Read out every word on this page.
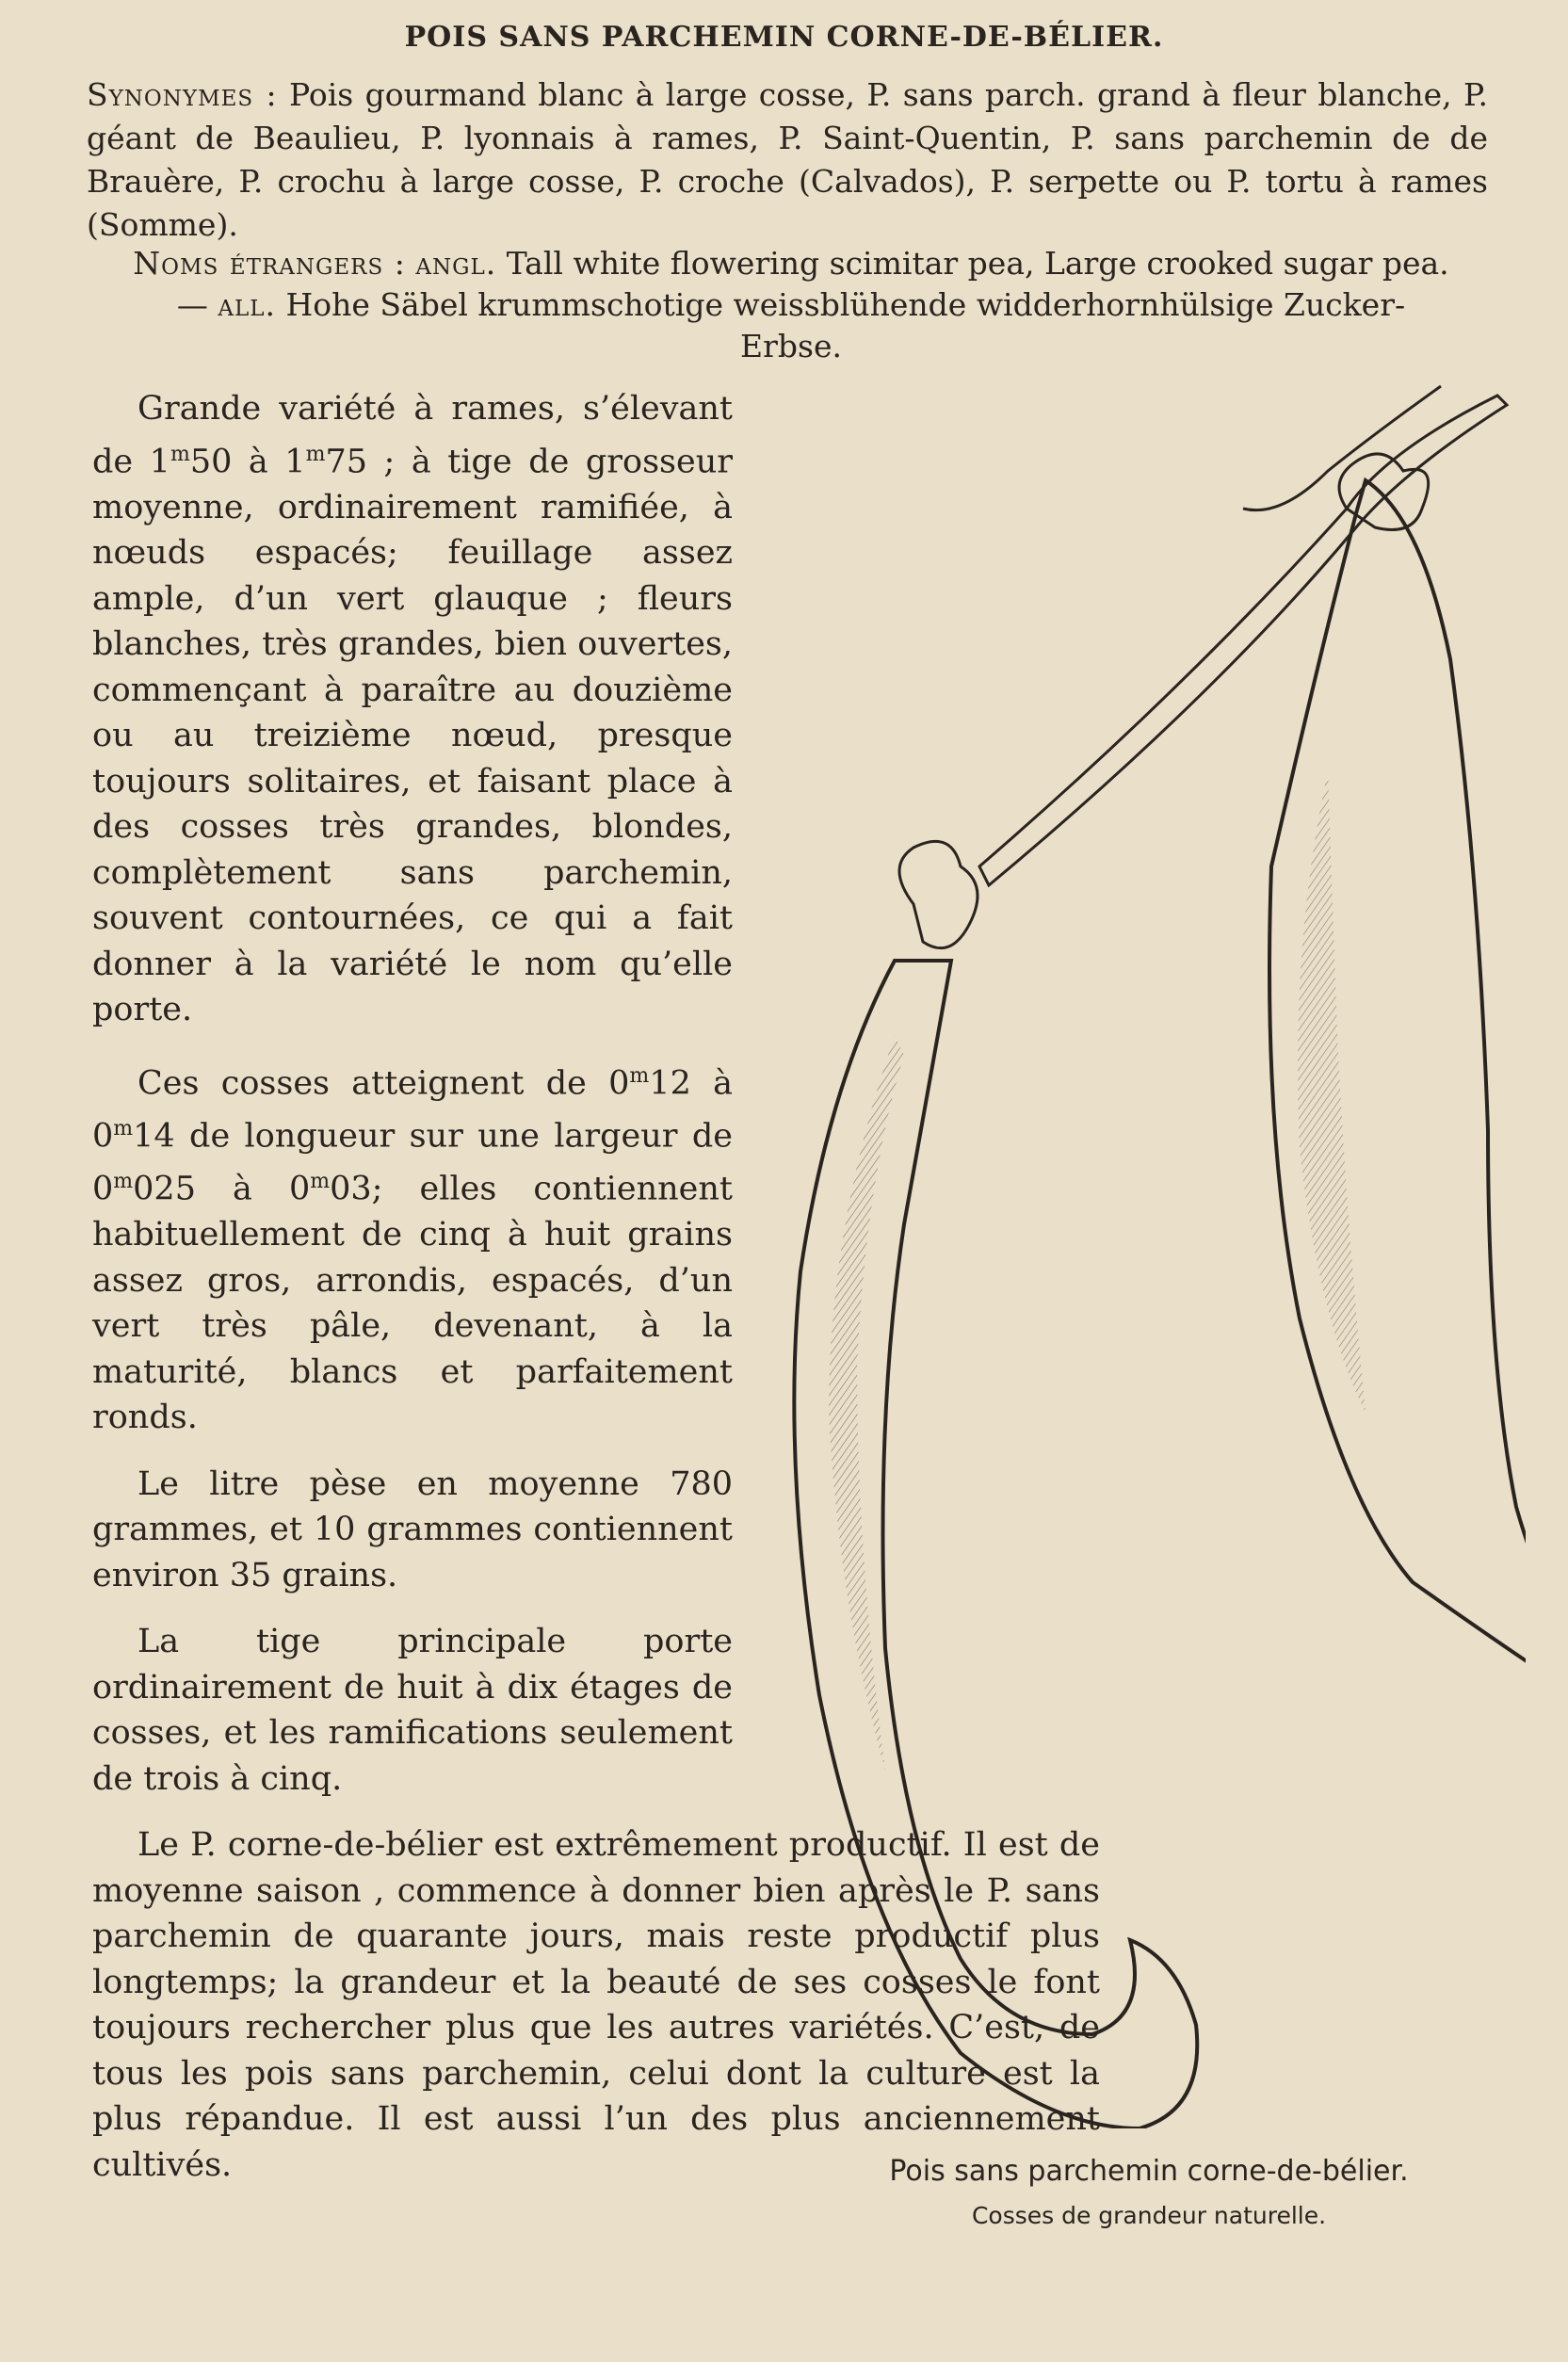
POIS SANS PARCHEMIN CORNE-DE-BÉLIER.
Synonymes : Pois gourmand blanc à large cosse, P. sans parch. grand à fleur blanche, P. géant de Beaulieu, P. lyonnais à rames, P. Saint-Quentin, P. sans parchemin de de Brauère, P. crochu à large cosse, P. croche (Calvados), P. serpette ou P. tortu à rames (Somme).
Noms étrangers : angl. Tall white flowering scimitar pea, Large crooked sugar pea. — all. Hohe Säbel krummschotige weissblühende widderhornhülsige Zucker-Erbse.

Grande variété à rames, s’élevant de 1$^m$50 à 1$^m$75 ; à tige de grosseur moyenne, ordinairement ramifiée, à nœuds espacés; feuillage assez ample, d’un vert glauque ; fleurs blanches, très grandes, bien ouvertes, commençant à paraître au douzième ou au treizième nœud, presque toujours solitaires, et faisant place à des cosses très grandes, blondes, complètement sans parchemin, souvent contournées, ce qui a fait donner à la variété le nom qu’elle porte.

Ces cosses atteignent de 0$^m$12 à 0$^m$14 de longueur sur une largeur de 0$^m$025 à 0$^m$03; elles contiennent habituellement de cinq à huit grains assez gros, arrondis, espacés, d’un vert très pâle, devenant, à la maturité, blancs et parfaitement ronds.

Le litre pèse en moyenne 780 grammes, et 10 grammes contiennent environ 35 grains.

La tige principale porte ordinairement de huit à dix étages de cosses, et les ramifications seulement de trois à cinq.

Le P. corne-de-bélier est extrêmement productif. Il est de moyenne saison , commence à donner bien après le P. sans parchemin de quarante jours, mais reste productif plus longtemps; la grandeur et la beauté de ses cosses le font toujours rechercher plus que les autres variétés. C’est, de tous les pois sans parchemin, celui dont la culture est la plus répandue. Il est aussi l’un des plus anciennement cultivés.	Pois sans parchemin corne-de-bélier.
Cosses de grandeur naturelle.
